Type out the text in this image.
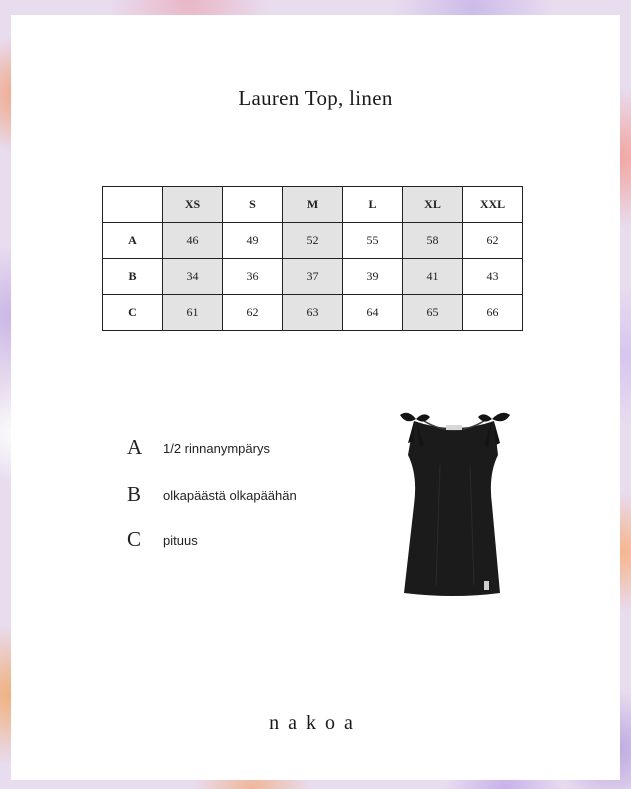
Lauren Top, linen
	XS	S	M	L	XL	XXL
A	46	49	52	55	58	62
B	34	36	37	39	41	43
C	61	62	63	64	65	66
A 1/2 rinnanympärys
B olkapäästä olkapäähän
C pituus
nakoa
